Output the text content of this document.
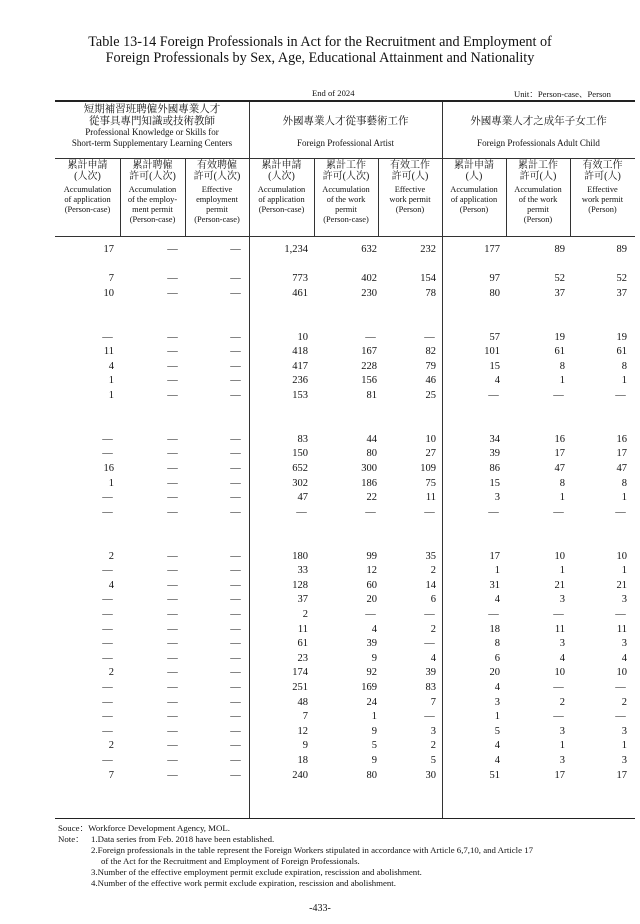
Table 13-14 Foreign Professionals in Act for the Recruitment and Employment of
Foreign Professionals by Sex, Age, Educational Attainment and Nationality
End of 2024	Unit：Person-case、Person
短期補習班聘僱外國專業人才
從事具專門知識或技術教師
Professional Knowledge or Skills for
Short-term Supplementary Learning Centers
外國專業人才從事藝術工作
Foreign Professional Artist
外國專業人才之成年子女工作
Foreign Professionals Adult Child
累計申請
(人次)
Accumulation
of application
(Person-case)
累計聘僱
許可(人次)
Accumulation
of the employ-
ment permit
(Person-case)
有效聘僱
許可(人次)
Effective
employment
permit
(Person-case)
累計申請
(人次)
Accumulation
of application
(Person-case)
累計工作
許可(人次)
Accumulation
of the work
permit
(Person-case)
有效工作
許可(人)
Effective
work permit
(Person)
累計申請
(人)
Accumulation
of application
(Person)
累計工作
許可(人)
Accumulation
of the work
permit
(Person)
有效工作
許可(人)
Effective
work permit
(Person)
17	—	—	1,234	632	232	177	89	89
7	—	—	773	402	154	97	52	52
10	—	—	461	230	78	80	37	37
—	—	—	10	—	—	57	19	19
11	—	—	418	167	82	101	61	61
4	—	—	417	228	79	15	8	8
1	—	—	236	156	46	4	1	1
1	—	—	153	81	25	—	—	—
—	—	—	83	44	10	34	16	16
—	—	—	150	80	27	39	17	17
16	—	—	652	300	109	86	47	47
1	—	—	302	186	75	15	8	8
—	—	—	47	22	11	3	1	1
—	—	—	—	—	—	—	—	—
2	—	—	180	99	35	17	10	10
—	—	—	33	12	2	1	1	1
4	—	—	128	60	14	31	21	21
—	—	—	37	20	6	4	3	3
—	—	—	2	—	—	—	—	—
—	—	—	11	4	2	18	11	11
—	—	—	61	39	—	8	3	3
—	—	—	23	9	4	6	4	4
2	—	—	174	92	39	20	10	10
—	—	—	251	169	83	4	—	—
—	—	—	48	24	7	3	2	2
—	—	—	7	1	—	1	—	—
—	—	—	12	9	3	5	3	3
2	—	—	9	5	2	4	1	1
—	—	—	18	9	5	4	3	3
7	—	—	240	80	30	51	17	17
Souce：Workforce Development Agency, MOL.
Note： 1.Data series from Feb. 2018 have been established.
2.Foreign professionals in the table represent the Foreign Workers stipulated in accordance with Article 6,7,10, and Article 17
of the Act for the Recruitment and Employment of Foreign Professionals.
3.Number of the effective employment permit exclude expiration, rescission and abolishment.
4.Number of the effective work permit exclude expiration, rescission and abolishment.
-433-
